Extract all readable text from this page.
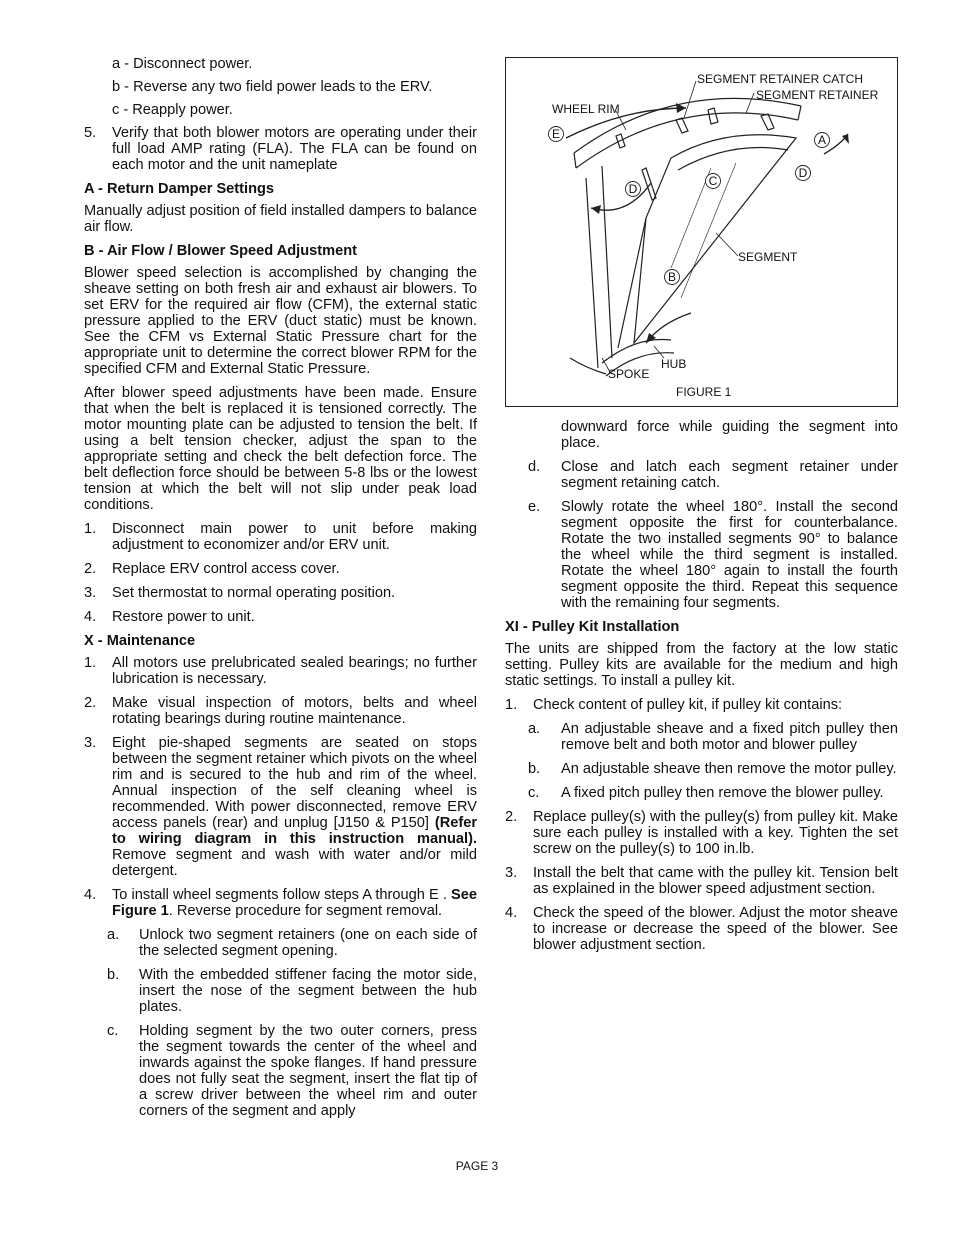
a - Disconnect power.

b - Reverse any two field power leads to the ERV.

c - Reapply power.

5. Verify that both blower motors are operating under their full load AMP rating (FLA). The FLA can be found on each motor and the unit nameplate

A - Return Damper Settings

Manually adjust position of field installed dampers to balance air flow.

B - Air Flow / Blower Speed Adjustment

Blower speed selection is accomplished by changing the sheave setting on both fresh air and exhaust air blowers. To set ERV for the required air flow (CFM), the external static pressure applied to the ERV (duct static) must be known. See the CFM vs External Static Pressure chart for the appropriate unit to determine the correct blower RPM for the specified CFM and External Static Pressure.

After blower speed adjustments have been made. Ensure that when the belt is replaced it is tensioned correctly. The motor mounting plate can be adjusted to tension the belt. If using a belt tension checker, adjust the span to the appropriate setting and check the belt defection force. The belt deflection force should be between 5-8 lbs or the lowest tension at which the belt will not slip under peak load conditions.

1. Disconnect main power to unit before making adjustment to economizer and/or ERV unit.
2. Replace ERV control access cover.
3. Set thermostat to normal operating position.
4. Restore power to unit.

X - Maintenance

1. All motors use prelubricated sealed bearings; no further lubrication is necessary.
2. Make visual inspection of motors, belts and wheel rotating bearings during routine maintenance.
3. Eight pie-shaped segments are seated on stops between the segment retainer which pivots on the wheel rim and is secured to the hub and rim of the wheel. Annual inspection of the self cleaning wheel is recommended. With power disconnected, remove ERV access panels (rear) and unplug [J150 & P150] (Refer to wiring diagram in this instruction manual). Remove segment and wash with water and/or mild detergent.
4. To install wheel segments follow steps A through E . See Figure 1. Reverse procedure for segment removal.
a. Unlock two segment retainers (one on each side of the selected segment opening.
b. With the embedded stiffener facing the motor side, insert the nose of the segment between the hub plates.
c. Holding segment by the two outer corners, press the segment towards the center of the wheel and inwards against the spoke flanges. If hand pressure does not fully seat the segment, insert the flat tip of a screw driver between the wheel rim and outer corners of the segment and apply
E	A
D
C
D
B
SEGMENT RETAINER CATCH
SEGMENT RETAINER
WHEEL RIM
SEGMENT
HUB
SPOKE
FIGURE 1

downward force while guiding the segment into place.

d. Close and latch each segment retainer under segment retaining catch.
e. Slowly rotate the wheel 180°. Install the second segment opposite the first for counterbalance. Rotate the two installed segments 90° to balance the wheel while the third segment is installed. Rotate the wheel 180° again to install the fourth segment opposite the third. Repeat this sequence with the remaining four segments.

XI - Pulley Kit Installation

The units are shipped from the factory at the low static setting. Pulley kits are available for the medium and high static settings. To install a pulley kit.

1. Check content of pulley kit, if pulley kit contains:
a. An adjustable sheave and a fixed pitch pulley then remove belt and both motor and blower pulley
b. An adjustable sheave then remove the motor pulley.
c. A fixed pitch pulley then remove the blower pulley.
2. Replace pulley(s) with the pulley(s) from pulley kit. Make sure each pulley is installed with a key. Tighten the set screw on the pulley(s) to 100 in.lb.
3. Install the belt that came with the pulley kit. Tension belt as explained in the blower speed adjustment section.
4. Check the speed of the blower. Adjust the motor sheave to increase or decrease the speed of the blower. See blower adjustment section.
PAGE 3
